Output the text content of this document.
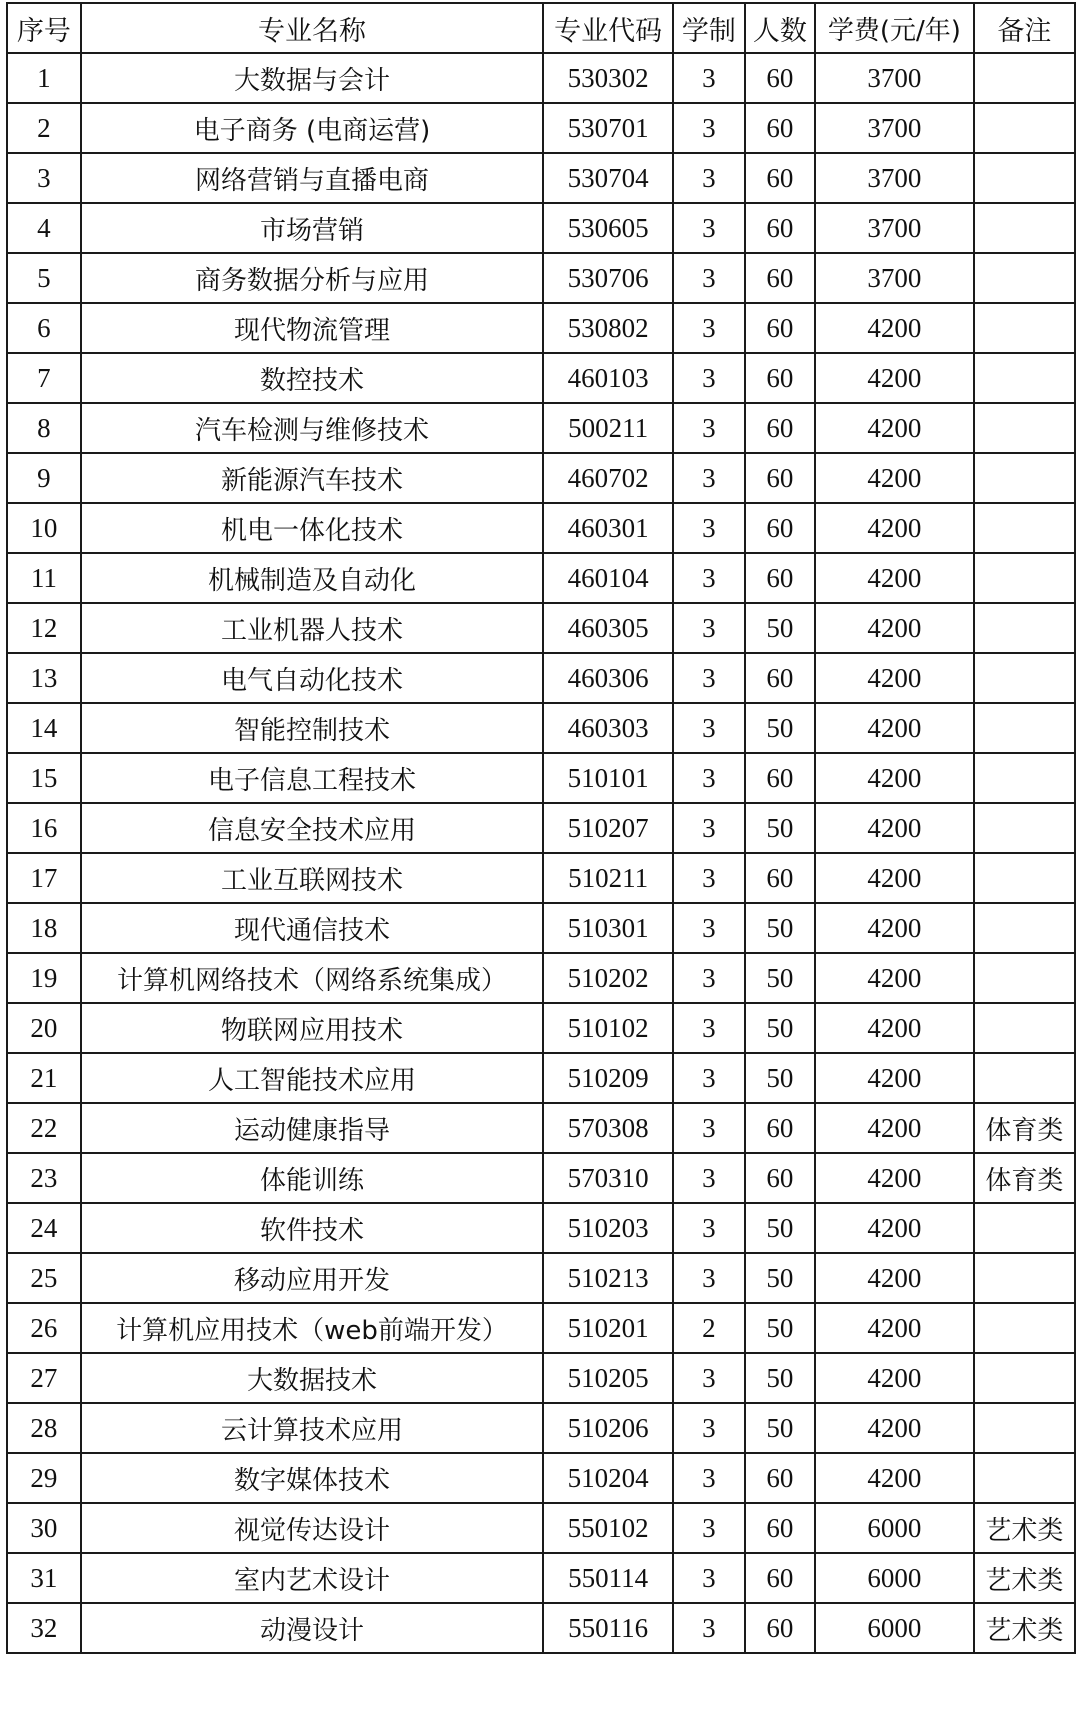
序号	专业名称	专业代码	学制	人数	学费(元/年)	备注
1	大数据与会计	530302	3	60	3700	
2	电子商务 (电商运营)	530701	3	60	3700	
3	网络营销与直播电商	530704	3	60	3700	
4	市场营销	530605	3	60	3700	
5	商务数据分析与应用	530706	3	60	3700	
6	现代物流管理	530802	3	60	4200	
7	数控技术	460103	3	60	4200	
8	汽车检测与维修技术	500211	3	60	4200	
9	新能源汽车技术	460702	3	60	4200	
10	机电一体化技术	460301	3	60	4200	
11	机械制造及自动化	460104	3	60	4200	
12	工业机器人技术	460305	3	50	4200	
13	电气自动化技术	460306	3	60	4200	
14	智能控制技术	460303	3	50	4200	
15	电子信息工程技术	510101	3	60	4200	
16	信息安全技术应用	510207	3	50	4200	
17	工业互联网技术	510211	3	60	4200	
18	现代通信技术	510301	3	50	4200	
19	计算机网络技术（网络系统集成）	510202	3	50	4200	
20	物联网应用技术	510102	3	50	4200	
21	人工智能技术应用	510209	3	50	4200	
22	运动健康指导	570308	3	60	4200	体育类
23	体能训练	570310	3	60	4200	体育类
24	软件技术	510203	3	50	4200	
25	移动应用开发	510213	3	50	4200	
26	计算机应用技术（web前端开发）	510201	2	50	4200	
27	大数据技术	510205	3	50	4200	
28	云计算技术应用	510206	3	50	4200	
29	数字媒体技术	510204	3	60	4200	
30	视觉传达设计	550102	3	60	6000	艺术类
31	室内艺术设计	550114	3	60	6000	艺术类
32	动漫设计	550116	3	60	6000	艺术类
